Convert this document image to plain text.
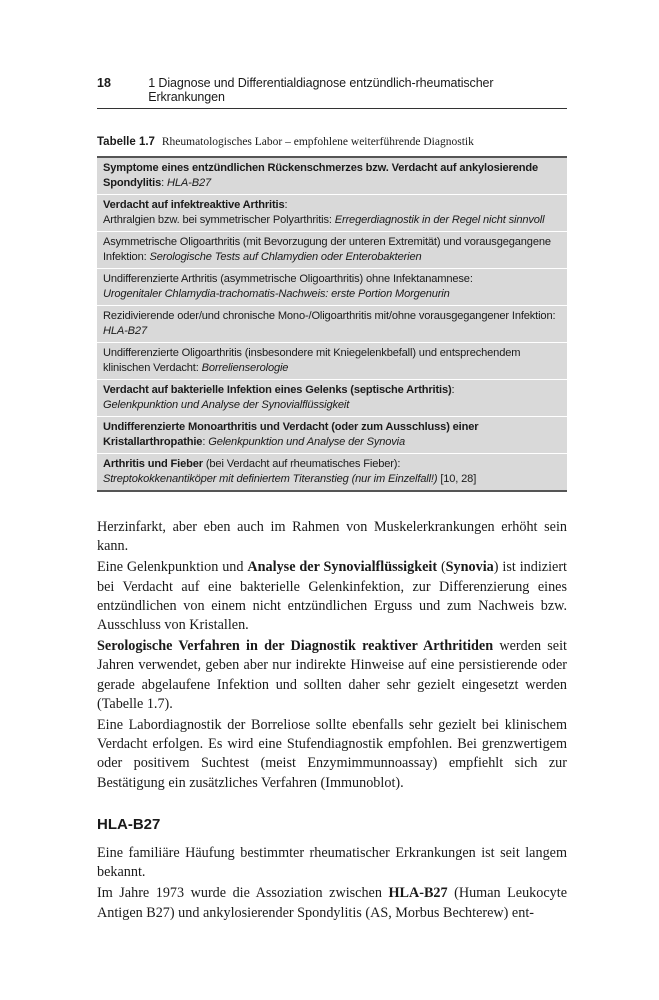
18	1 Diagnose und Differentialdiagnose entzündlich-rheumatischer Erkrankungen
Tabelle 1.7 Rheumatologisches Labor – empfohlene weiterführende Diagnostik
Symptome eines entzündlichen Rückenschmerzes bzw. Verdacht auf ankylosierende Spondylitis: HLA-B27
Verdacht auf infektreaktive Arthritis:
Arthralgien bzw. bei symmetrischer Polyarthritis: Erregerdiagnostik in der Regel nicht sinnvoll
Asymmetrische Oligoarthritis (mit Bevorzugung der unteren Extremität) und vorausgegangene Infektion: Serologische Tests auf Chlamydien oder Enterobakterien
Undifferenzierte Arthritis (asymmetrische Oligoarthritis) ohne Infektanamnese:
Urogenitaler Chlamydia-trachomatis-Nachweis: erste Portion Morgenurin
Rezidivierende oder/und chronische Mono-/Oligoarthritis mit/ohne vorausgegangener Infektion: HLA-B27
Undifferenzierte Oligoarthritis (insbesondere mit Kniegelenkbefall) und entsprechendem klinischen Verdacht: Borrelienserologie
Verdacht auf bakterielle Infektion eines Gelenks (septische Arthritis):
Gelenkpunktion und Analyse der Synovialflüssigkeit
Undifferenzierte Monoarthritis und Verdacht (oder zum Ausschluss) einer Kristallarthropathie: Gelenkpunktion und Analyse der Synovia
Arthritis und Fieber (bei Verdacht auf rheumatisches Fieber):
Streptokokkenantiköper mit definiertem Titeranstieg (nur im Einzelfall!) [10, 28]

Herzinfarkt, aber eben auch im Rahmen von Muskelerkrankungen erhöht sein kann.

Eine Gelenkpunktion und Analyse der Synovialflüssigkeit (Synovia) ist indiziert bei Verdacht auf eine bakterielle Gelenkinfektion, zur Differenzierung eines entzündlichen von einem nicht entzündlichen Erguss und zum Nachweis bzw. Ausschluss von Kristallen.

Serologische Verfahren in der Diagnostik reaktiver Arthritiden werden seit Jahren verwendet, geben aber nur indirekte Hinweise auf eine persistierende oder gerade abgelaufene Infektion und sollten daher sehr gezielt eingesetzt werden (Tabelle 1.7).

Eine Labordiagnostik der Borreliose sollte ebenfalls sehr gezielt bei klinischem Verdacht erfolgen. Es wird eine Stufendiagnostik empfohlen. Bei grenzwertigem oder positivem Suchtest (meist Enzymimmunnoassay) empfiehlt sich zur Bestätigung ein zusätzliches Verfahren (Immunoblot).

HLA-B27

Eine familiäre Häufung bestimmter rheumatischer Erkrankungen ist seit langem bekannt.

Im Jahre 1973 wurde die Assoziation zwischen HLA-B27 (Human Leukocyte Antigen B27) und ankylosierender Spondylitis (AS, Morbus Bechterew) ent-
